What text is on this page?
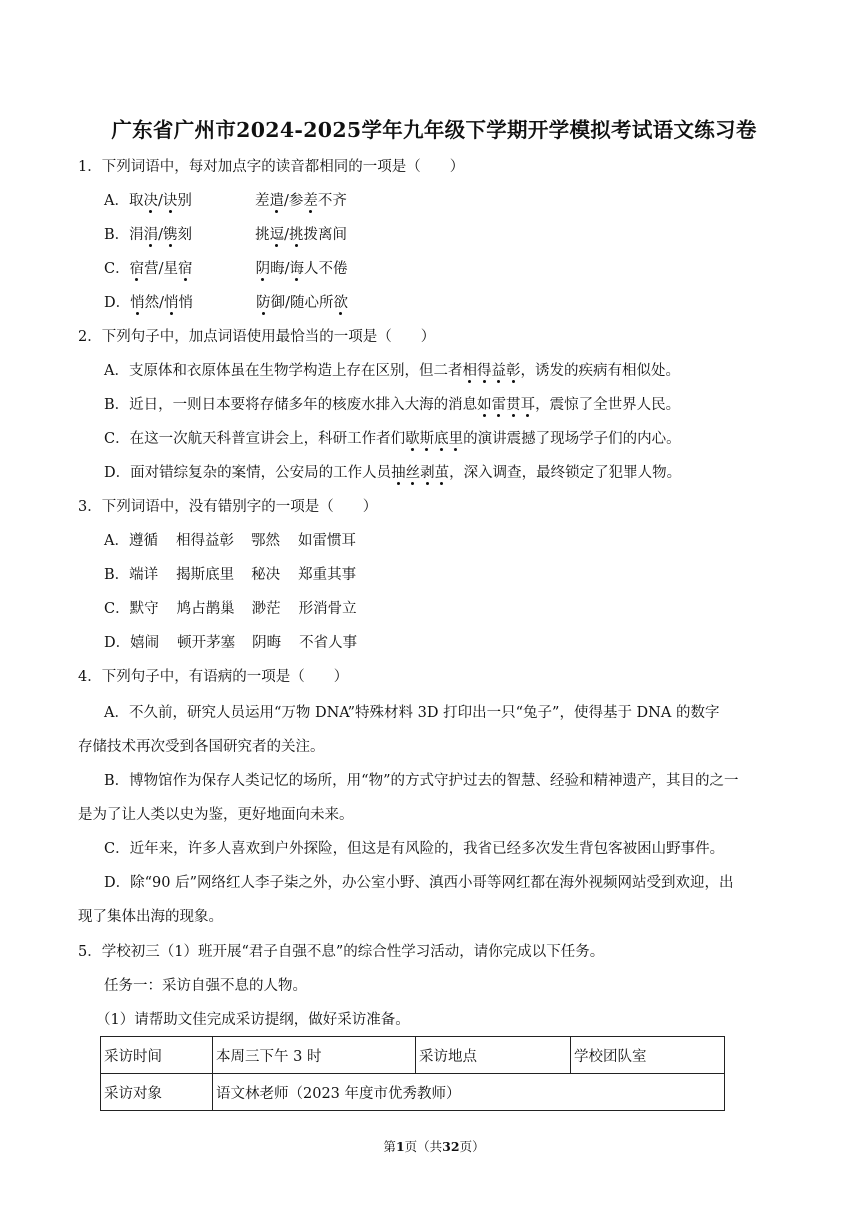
广东省广州市2024-2025学年九年级下学期开学模拟考试语文练习卷
1．下列词语中，每对加点字的读音都相同的一项是（　　）
A．取决/诀别	差遣/参差不齐
B．涓涓/镌刻	挑逗/挑拨离间
C．宿营/星宿	阴晦/诲人不倦
D．悄然/悄悄	防御/随心所欲
2．下列句子中，加点词语使用最恰当的一项是（　　）
A．支原体和衣原体虽在生物学构造上存在区别，但二者相得益彰，诱发的疾病有相似处。
B．近日，一则日本要将存储多年的核废水排入大海的消息如雷贯耳，震惊了全世界人民。
C．在这一次航天科普宣讲会上，科研工作者们歇斯底里的演讲震撼了现场学子们的内心。
D．面对错综复杂的案情，公安局的工作人员抽丝剥茧，深入调查，最终锁定了犯罪人物。
3．下列词语中，没有错别字的一项是（　　）
A．遵循 相得益彰 鄂然 如雷惯耳
B．端详 揭斯底里 秘决 郑重其事
C．默守 鸠占鹊巢 渺茫 形消骨立
D．嬉闹 顿开茅塞 阴晦 不省人事
4．下列句子中，有语病的一项是（　　）
A．不久前，研究人员运用“万物 DNA”特殊材料 3D 打印出一只“兔子”，使得基于 DNA 的数字
存储技术再次受到各国研究者的关注。
B．博物馆作为保存人类记忆的场所，用“物”的方式守护过去的智慧、经验和精神遗产，其目的之一
是为了让人类以史为鉴，更好地面向未来。
C．近年来，许多人喜欢到户外探险，但这是有风险的，我省已经多次发生背包客被困山野事件。
D．除“90 后”网络红人李子柒之外，办公室小野、滇西小哥等网红都在海外视频网站受到欢迎，出
现了集体出海的现象。
5．学校初三（1）班开展“君子自强不息”的综合性学习活动，请你完成以下任务。
任务一：采访自强不息的人物。
（1）请帮助文佳完成采访提纲，做好采访准备。
采访时间	本周三下午 3 时	采访地点	学校团队室
采访对象	语文林老师（2023 年度市优秀教师）		
第1页（共32页）
